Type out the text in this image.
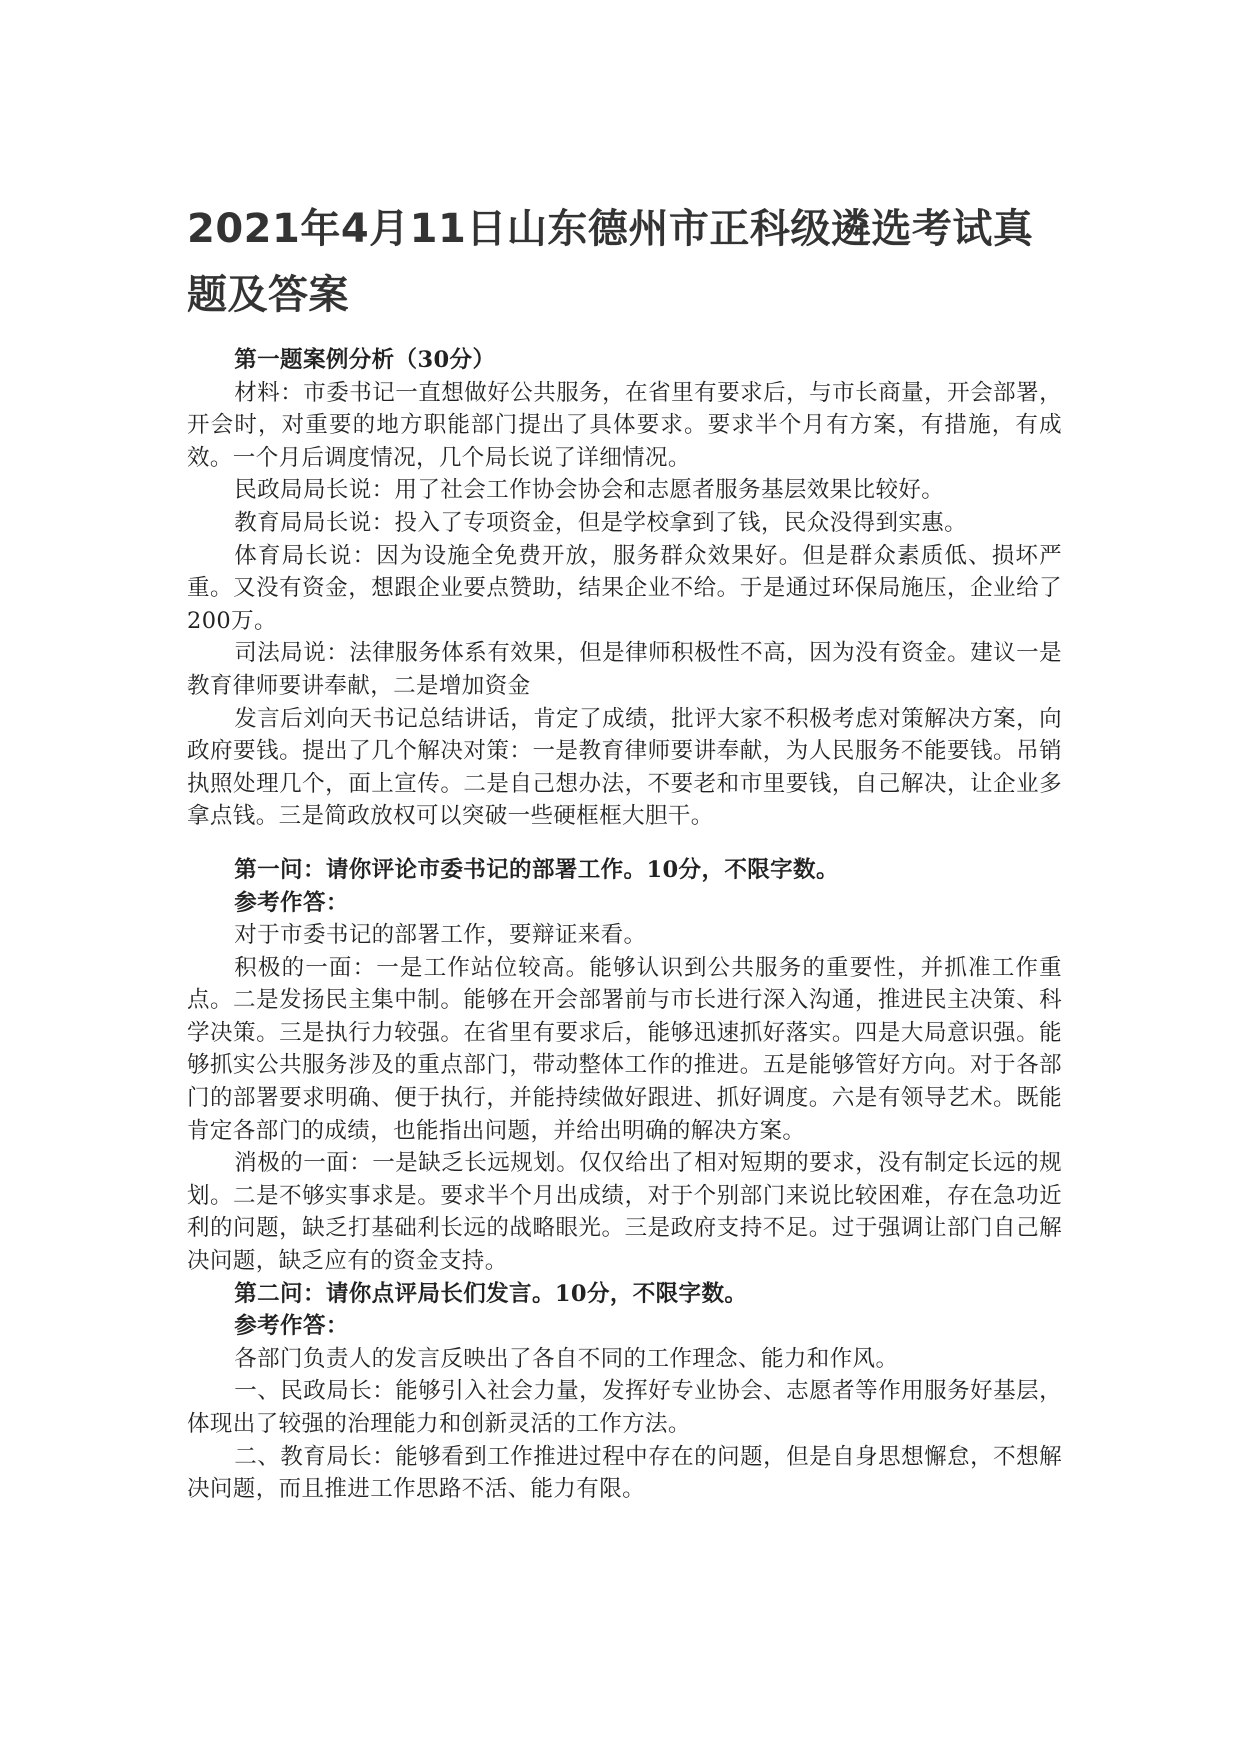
2021年4月11日山东德州市正科级遴选考试真题及答案

第一题案例分析（30分）

材料：市委书记一直想做好公共服务，在省里有要求后，与市长商量，开会部署，开会时，对重要的地方职能部门提出了具体要求。要求半个月有方案，有措施，有成效。一个月后调度情况，几个局长说了详细情况。

民政局局长说：用了社会工作协会协会和志愿者服务基层效果比较好。

教育局局长说：投入了专项资金，但是学校拿到了钱，民众没得到实惠。

体育局长说：因为设施全免费开放，服务群众效果好。但是群众素质低、损坏严重。又没有资金，想跟企业要点赞助，结果企业不给。于是通过环保局施压，企业给了200万。

司法局说：法律服务体系有效果，但是律师积极性不高，因为没有资金。建议一是教育律师要讲奉献，二是增加资金

发言后刘向天书记总结讲话，肯定了成绩，批评大家不积极考虑对策解决方案，向政府要钱。提出了几个解决对策：一是教育律师要讲奉献，为人民服务不能要钱。吊销执照处理几个，面上宣传。二是自己想办法，不要老和市里要钱，自己解决，让企业多拿点钱。三是简政放权可以突破一些硬框框大胆干。

第一问：请你评论市委书记的部署工作。10分，不限字数。

参考作答：

对于市委书记的部署工作，要辩证来看。

积极的一面：一是工作站位较高。能够认识到公共服务的重要性，并抓准工作重点。二是发扬民主集中制。能够在开会部署前与市长进行深入沟通，推进民主决策、科学决策。三是执行力较强。在省里有要求后，能够迅速抓好落实。四是大局意识强。能够抓实公共服务涉及的重点部门，带动整体工作的推进。五是能够管好方向。对于各部门的部署要求明确、便于执行，并能持续做好跟进、抓好调度。六是有领导艺术。既能肯定各部门的成绩，也能指出问题，并给出明确的解决方案。

消极的一面：一是缺乏长远规划。仅仅给出了相对短期的要求，没有制定长远的规划。二是不够实事求是。要求半个月出成绩，对于个别部门来说比较困难，存在急功近利的问题，缺乏打基础利长远的战略眼光。三是政府支持不足。过于强调让部门自己解决问题，缺乏应有的资金支持。

第二问：请你点评局长们发言。10分，不限字数。

参考作答：

各部门负责人的发言反映出了各自不同的工作理念、能力和作风。

一、民政局长：能够引入社会力量，发挥好专业协会、志愿者等作用服务好基层，体现出了较强的治理能力和创新灵活的工作方法。

二、教育局长：能够看到工作推进过程中存在的问题，但是自身思想懈怠，不想解决问题，而且推进工作思路不活、能力有限。
